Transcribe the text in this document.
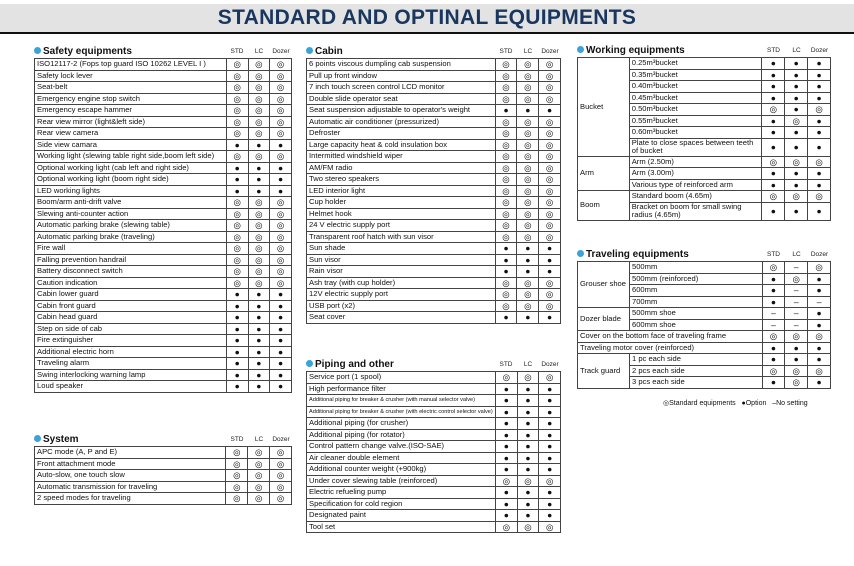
STANDARD AND OPTINAL EQUIPMENTS
Safety equipments	STD LC Dozer
ISO12117-2 (Fops top guard ISO 10262 LEVEL I )	◎	◎	◎
Safety lock lever	◎	◎	◎
Seat-belt	◎	◎	◎
Emergency engine stop switch	◎	◎	◎
Emergency escape hammer	◎	◎	◎
Rear view mirror (light&left side)	◎	◎	◎
Rear view camera	◎	◎	◎
Side view camara	●	●	●
Working light (slewing table right side,boom left side)	◎	◎	◎
Optional working light (cab left and right side)	●	●	●
Optional working light (boom right side)	●	●	●
LED working lights	●	●	●
Boom/arm anti-drift valve	◎	◎	◎
Slewing anti-counter action	◎	◎	◎
Automatic parking brake (slewing table)	◎	◎	◎
Automatic parking brake (traveling)	◎	◎	◎
Fire wall	◎	◎	◎
Falling prevention handrail	◎	◎	◎
Battery disconnect switch	◎	◎	◎
Caution indication	◎	◎	◎
Cabin lower guard	●	●	●
Cabin front guard	●	●	●
Cabin head guard	●	●	●
Step on side of cab	●	●	●
Fire extinguisher	●	●	●
Additional electric horn	●	●	●
Traveling alarm	●	●	●
Swing interlocking warning lamp	●	●	●
Loud speaker	●	●	●
System	STD LC Dozer
APC mode (A, P and E)	◎	◎	◎
Front attachment mode	◎	◎	◎
Auto-slow, one touch slow	◎	◎	◎
Automatic transmission for traveling	◎	◎	◎
2 speed modes for traveling	◎	◎	◎
Cabin	STD LC Dozer
6 points viscous dumpling cab suspension	◎	◎	◎
Pull up front window	◎	◎	◎
7 inch touch screen control LCD monitor	◎	◎	◎
Double slide operator seat	◎	◎	◎
Seat suspension adjustable to operator's weight	●	●	●
Automatic air conditioner (pressurized)	◎	◎	◎
Defroster	◎	◎	◎
Large capacity heat & cold insulation box	◎	◎	◎
Intermitted windshield wiper	◎	◎	◎
AM/FM radio	◎	◎	◎
Two stereo speakers	◎	◎	◎
LED interior light	◎	◎	◎
Cup holder	◎	◎	◎
Helmet hook	◎	◎	◎
24 V electric supply port	◎	◎	◎
Transparent roof hatch with sun visor	◎	◎	◎
Sun shade	●	●	●
Sun visor	●	●	●
Rain visor	●	●	●
Ash tray (with cup holder)	◎	◎	◎
12V electric supply port	◎	◎	◎
USB port (x2)	◎	◎	◎
Seat cover	●	●	●
Piping and other	STD LC Dozer
Service port (1 spool)	◎	◎	◎
High performance filter	●	●	●
Additional piping for breaker & crusher (with manual selector valve)	●	●	●
Additional piping for breaker & crusher (with electric control selector valve)	●	●	●
Additional piping (for crusher)	●	●	●
Additional piping (for rotator)	●	●	●
Control pattern change valve.(ISO-SAE)	●	●	●
Air cleaner double element	●	●	●
Additional counter weight (+900kg)	●	●	●
Under cover slewing table (reinforced)	◎	◎	◎
Electric refueling pump	●	●	●
Specification for cold region	●	●	●
Designated paint	●	●	●
Tool set	◎	◎	◎
Working equipments	STD LC Dozer
Bucket	0.25m³bucket	●	●	●
	0.35m³bucket	●	●	●
	0.40m³bucket	●	●	●
	0.45m³bucket	●	●	●
	0.50m³bucket	◎	●	◎
	0.55m³bucket	●	◎	●
	0.60m³bucket	●	●	●
	Plate to close spaces between teeth of bucket	●	●	●
Arm	Arm (2.50m)	◎	◎	◎
	Arm (3.00m)	●	●	●
	Various type of reinforced arm	●	●	●
Boom	Standard boom (4.65m)	◎	◎	◎
	Bracket on boom for small swing radius (4.65m)	●	●	●
Traveling equipments	STD LC Dozer
Grouser shoe	500mm	◎	–	◎
	500mm (reinforced)	●	◎	●
	600mm	●	–	●
	700mm	●	–	–
Dozer blade	500mm shoe	–	–	●
	600mm shoe	–	–	●
Cover on the bottom face of traveling frame		◎	◎	◎
Traveling motor cover (reinforced)		●	●	●
Track guard	1 pc each side	●	●	●
	2 pcs each side	◎	◎	◎
	3 pcs each side	●	◎	●
◎Standard equipments ●Option –No setting
